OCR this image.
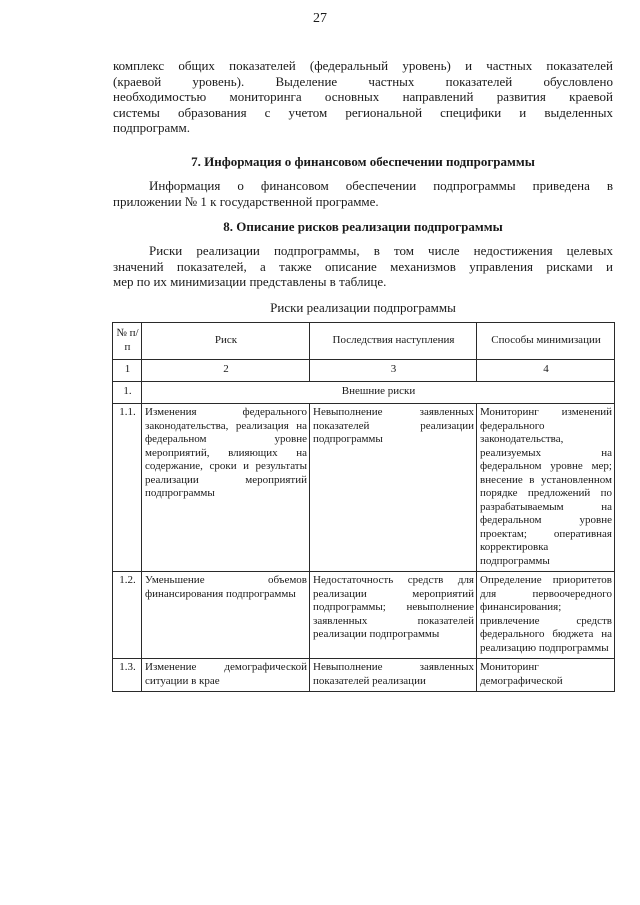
27
комплекс общих показателей (федеральный уровень) и частных показателей
(краевой уровень). Выделение частных показателей обусловлено
необходимостью мониторинга основных направлений развития краевой
системы образования с учетом региональной специфики и выделенных
подпрограмм.
7. Информация о финансовом обеспечении подпрограммы
Информация о финансовом обеспечении подпрограммы приведена в
приложении № 1 к государственной программе.
8. Описание рисков реализации подпрограммы
Риски реализации подпрограммы, в том числе недостижения целевых
значений показателей, а также описание механизмов управления рисками и
мер по их минимизации представлены в таблице.
Риски реализации подпрограммы
№ п/п	Риск	Последствия наступления	Способы минимизации
1	2	3	4
1.	Внешние риски		
1.1.	Изменения федерального законодательства, реализация на федеральном уровне мероприятий, влияющих на содержание, сроки и результаты реализации мероприятий подпрограммы	Невыполнение заявленных показателей реализации подпрограммы	Мониторинг изменений федерального законодательства, реализуемых на федеральном уровне мер; внесение в установленном порядке предложений по разрабатываемым на федеральном уровне проектам; оперативная корректировка подпрограммы
1.2.	Уменьшение объемов финансирования подпрограммы	Недостаточность средств для реализации мероприятий подпрограммы; невыполнение заявленных показателей реализации подпрограммы	Определение приоритетов для первоочередного финансирования; привлечение средств федерального бюджета на реализацию подпрограммы
1.3.	Изменение демографической ситуации в крае	Невыполнение заявленных показателей реализации	Мониторинг демографической
